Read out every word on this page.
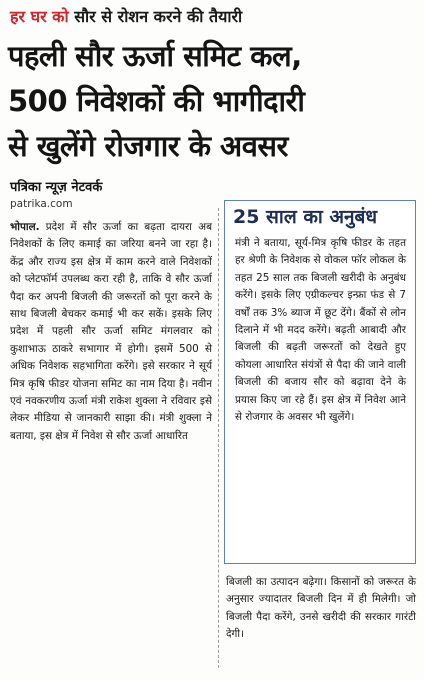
हर घर को सौर से रोशन करने की तैयारी
पहली सौर ऊर्जा समिट कल,
500 निवेशकों की भागीदारी
से खुलेंगे रोजगार के अवसर
पत्रिका न्यूज़ नेटवर्क
patrika.com

भोपाल. प्रदेश में सौर ऊर्जा का बढ़ता दायरा अब निवेशकों के लिए कमाई का जरिया बनने जा रहा है। केंद्र और राज्य इस क्षेत्र में काम करने वाले निवेशकों को प्लेटफॉर्म उपलब्ध करा रही है, ताकि वे सौर ऊर्जा पैदा कर अपनी बिजली की जरूरतों को पूरा करने के साथ बिजली बेचकर कमाई भी कर सकें। इसके लिए प्रदेश में पहली सौर ऊर्जा समिट मंगलवार को कुशाभाऊ ठाकरे सभागार में होगी। इसमें 500 से अधिक निवेशक सहभागिता करेंगे। इसे सरकार ने सूर्य मित्र कृषि फीडर योजना समिट का नाम दिया है। नवीन एवं नवकरणीय ऊर्जा मंत्री राकेश शुक्ला ने रविवार इसे लेकर मीडिया से जानकारी साझा की। मंत्री शुक्ला ने बताया, इस क्षेत्र में निवेश से सौर ऊर्जा आधारित

25 साल का अनुबंध

मंत्री ने बताया, सूर्य-मित्र कृषि फीडर के तहत हर श्रेणी के निवेशक से वोकल फॉर लोकल के तहत 25 साल तक बिजली खरीदी के अनुबंध करेंगे। इसके लिए एग्रीकल्चर इन्फ्रा फंड से 7 वर्षों तक 3% ब्याज में छूट देंगे। बैंकों से लोन दिलाने में भी मदद करेंगे। बढ़ती आबादी और बिजली की बढ़ती जरूरतों को देखते हुए कोयला आधारित संयंत्रों से पैदा की जाने वाली बिजली की बजाय सौर को बढ़ावा देने के प्रयास किए जा रहे हैं। इस क्षेत्र में निवेश आने से रोजगार के अवसर भी खुलेंगे।

बिजली का उत्पादन बढ़ेगा। किसानों को जरूरत के अनुसार ज्यादातर बिजली दिन में ही मिलेगी। जो बिजली पैदा करेंगे, उनसे खरीदी की सरकार गारंटी देगी।
